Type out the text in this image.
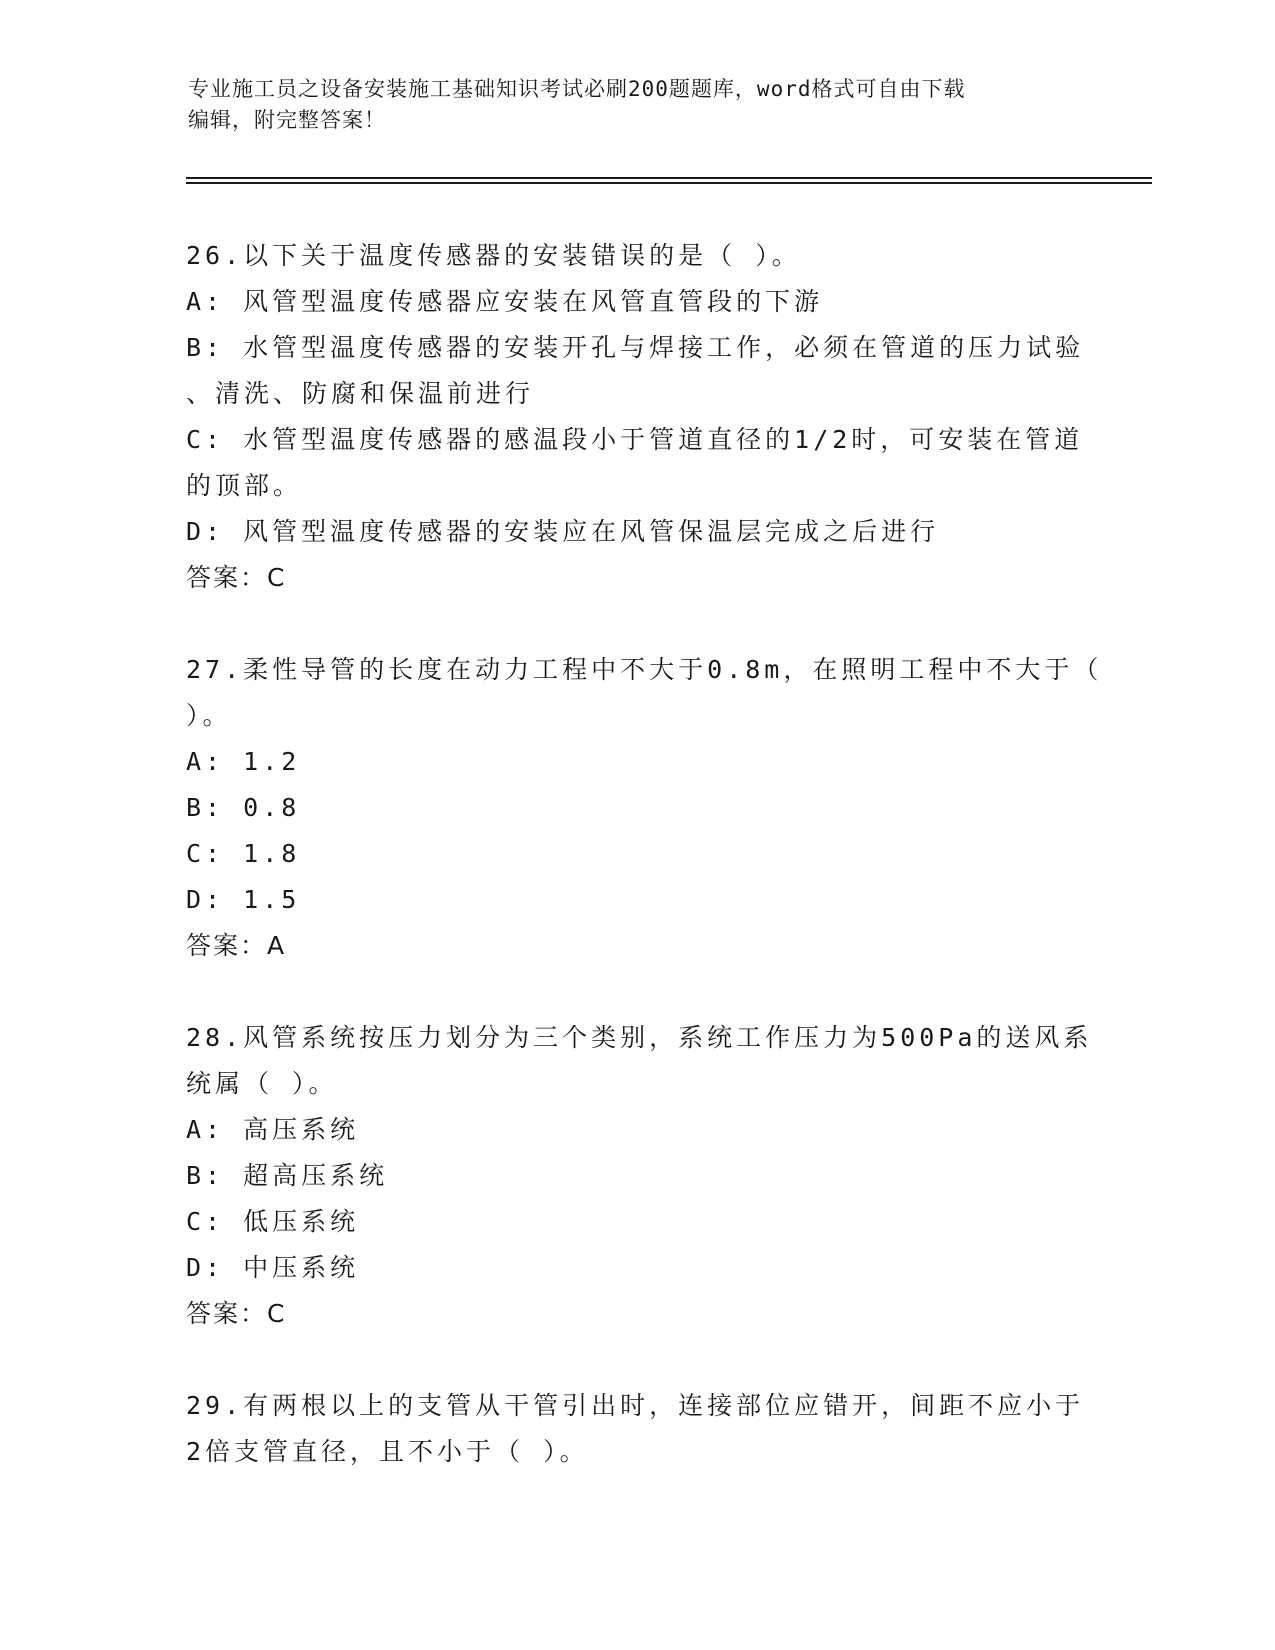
专业施工员之设备安装施工基础知识考试必刷200题题库，word格式可自由下载
编辑，附完整答案！
26.以下关于温度传感器的安装错误的是（ ）。
A: 风管型温度传感器应安装在风管直管段的下游
B: 水管型温度传感器的安装开孔与焊接工作，必须在管道的压力试验
、清洗、防腐和保温前进行
C: 水管型温度传感器的感温段小于管道直径的1/2时，可安装在管道
的顶部。
D: 风管型温度传感器的安装应在风管保温层完成之后进行
答案：C
27.柔性导管的长度在动力工程中不大于0.8m，在照明工程中不大于（
）。
A: 1.2
B: 0.8
C: 1.8
D: 1.5
答案：A
28.风管系统按压力划分为三个类别，系统工作压力为500Pa的送风系
统属（ ）。
A: 高压系统
B: 超高压系统
C: 低压系统
D: 中压系统
答案：C
29.有两根以上的支管从干管引出时，连接部位应错开，间距不应小于
2倍支管直径，且不小于（ ）。
